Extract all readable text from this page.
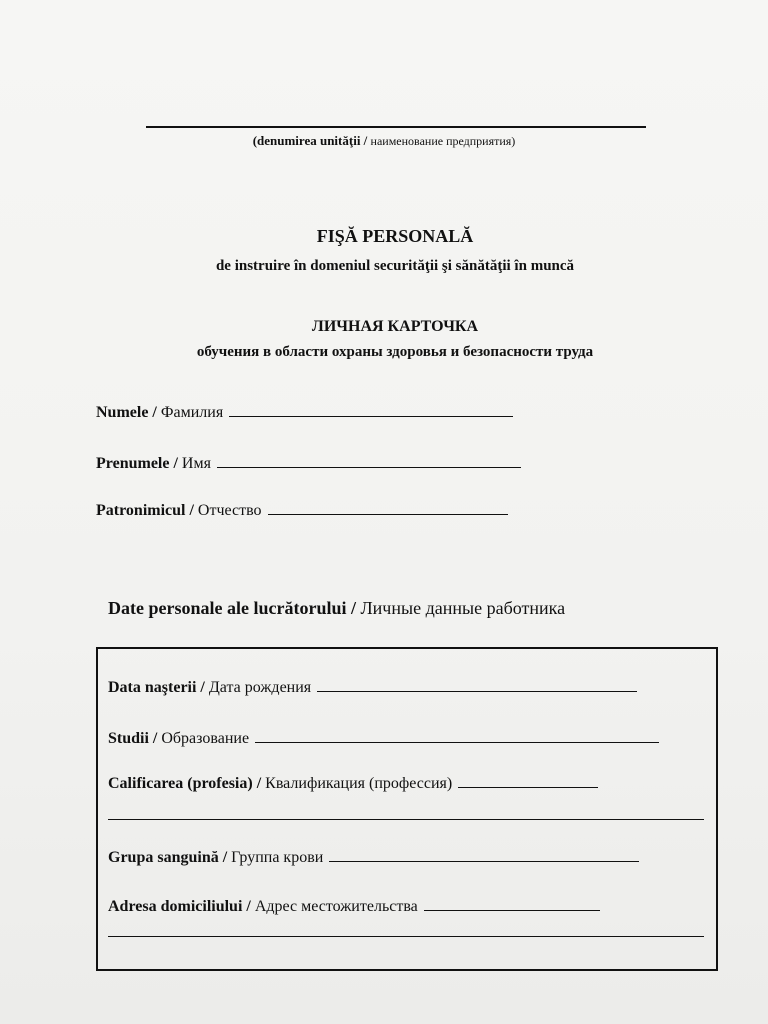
(denumirea unităţii / наименование предприятия)
FIŞĂ PERSONALĂ
de instruire în domeniul securităţii şi sănătăţii în muncă
ЛИЧНАЯ КАРТОЧКА
обучения в области охраны здоровья и безопасности труда
Numele /
Фамилия
Prenumele /
Имя
Patronimicul /
Отчество
Date personale ale lucrătorului / Личные данные работника
Data naşterii /
Дата рождения
Studii /
Образование
Calificarea (profesia) /
Квалификация (профессия)
Grupa sanguină /
Группа крови
Adresa domiciliului /
Адрес местожительства
